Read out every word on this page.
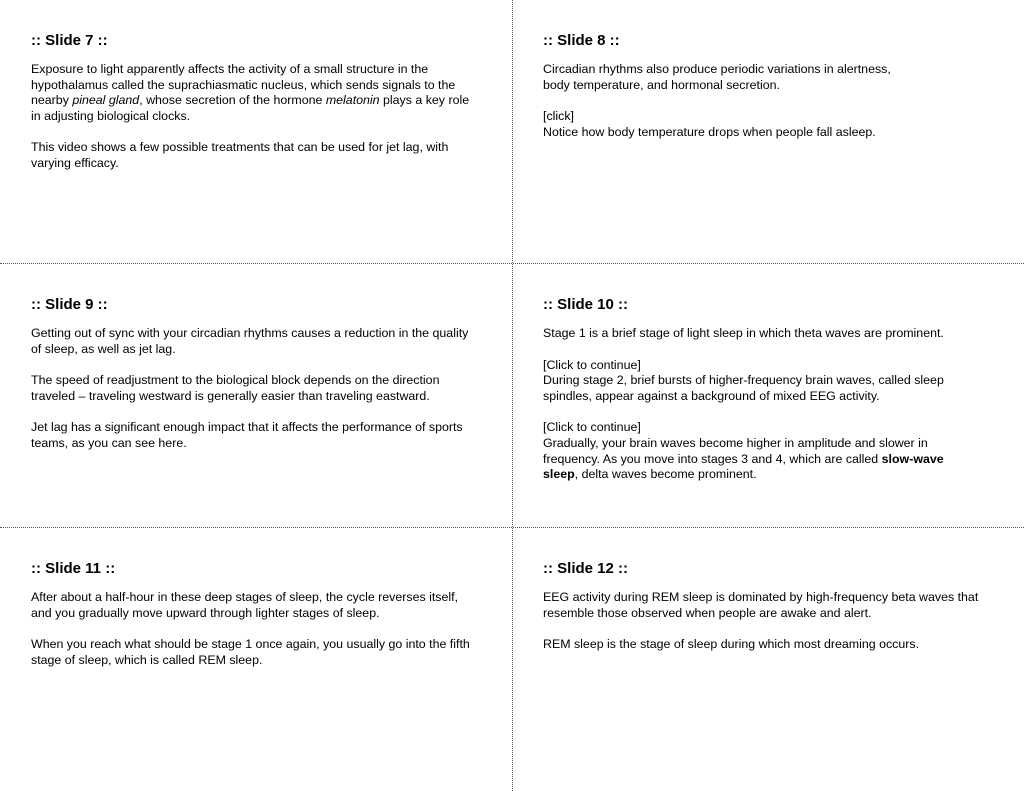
:: Slide 7 ::
Exposure to light apparently affects the activity of a small structure in the hypothalamus called the suprachiasmatic nucleus, which sends signals to the nearby pineal gland, whose secretion of the hormone melatonin plays a key role in adjusting biological clocks.
This video shows a few possible treatments that can be used for jet lag, with varying efficacy.
:: Slide 8 ::
Circadian rhythms also produce periodic variations in alertness,
body temperature, and hormonal secretion.
[click]
Notice how body temperature drops when people fall asleep.
:: Slide 9 ::
Getting out of sync with your circadian rhythms causes a reduction in the quality of sleep, as well as jet lag.
The speed of readjustment to the biological block depends on the direction traveled – traveling westward is generally easier than traveling eastward.
Jet lag has a significant enough impact that it affects the performance of sports teams, as you can see here.
:: Slide 10 ::
Stage 1 is a brief stage of light sleep in which theta waves are prominent.
[Click to continue]
During stage 2, brief bursts of higher-frequency brain waves, called sleep spindles, appear against a background of mixed EEG activity.
[Click to continue]
Gradually, your brain waves become higher in amplitude and slower in frequency. As you move into stages 3 and 4, which are called slow-wave sleep, delta waves become prominent.
:: Slide 11 ::
After about a half-hour in these deep stages of sleep, the cycle reverses itself, and you gradually move upward through lighter stages of sleep.
When you reach what should be stage 1 once again, you usually go into the fifth stage of sleep, which is called REM sleep.
:: Slide 12 ::
EEG activity during REM sleep is dominated by high-frequency beta waves that resemble those observed when people are awake and alert.
REM sleep is the stage of sleep during which most dreaming occurs.
